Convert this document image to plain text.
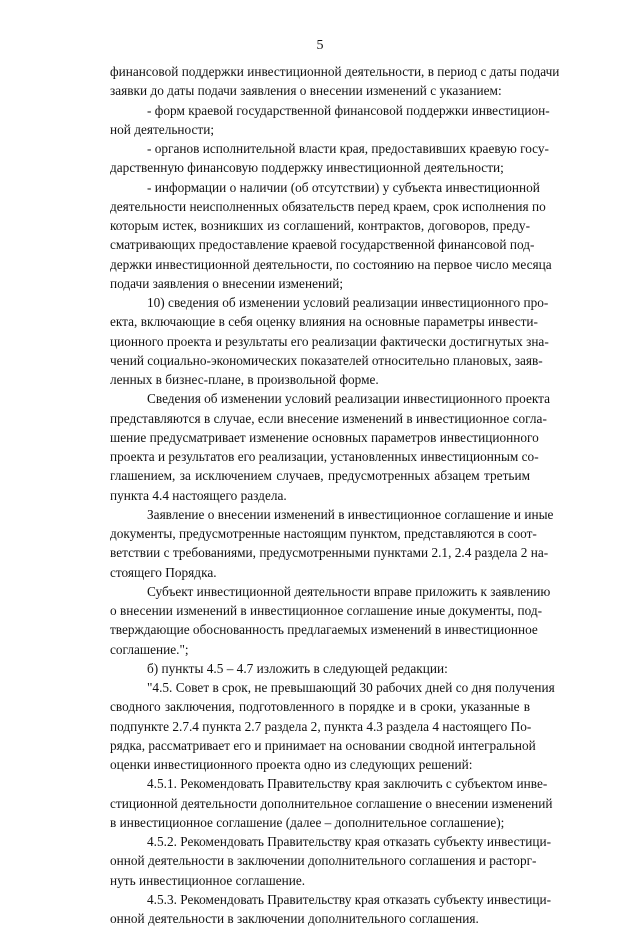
5
финансовой поддержки инвестиционной деятельности, в период с даты подачи
заявки до даты подачи заявления о внесении изменений с указанием:
- форм краевой государственной финансовой поддержки инвестицион-
ной деятельности;
- органов исполнительной власти края, предоставивших краевую госу-
дарственную финансовую поддержку инвестиционной деятельности;
- информации о наличии (об отсутствии) у субъекта инвестиционной
деятельности неисполненных обязательств перед краем, срок исполнения по
которым истек, возникших из соглашений, контрактов, договоров, преду-
сматривающих предоставление краевой государственной финансовой под-
держки инвестиционной деятельности, по состоянию на первое число месяца
подачи заявления о внесении изменений;
10) сведения об изменении условий реализации инвестиционного про-
екта, включающие в себя оценку влияния на основные параметры инвести-
ционного проекта и результаты его реализации фактически достигнутых зна-
чений социально-экономических показателей относительно плановых, заяв-
ленных в бизнес-плане, в произвольной форме.
Сведения об изменении условий реализации инвестиционного проекта
представляются в случае, если внесение изменений в инвестиционное согла-
шение предусматривает изменение основных параметров инвестиционного
проекта и результатов его реализации, установленных инвестиционным со-
глашением, за исключением случаев, предусмотренных абзацем третьим
пункта 4.4 настоящего раздела.
Заявление о внесении изменений в инвестиционное соглашение и иные
документы, предусмотренные настоящим пунктом, представляются в соот-
ветствии с требованиями, предусмотренными пунктами 2.1, 2.4 раздела 2 на-
стоящего Порядка.
Субъект инвестиционной деятельности вправе приложить к заявлению
о внесении изменений в инвестиционное соглашение иные документы, под-
тверждающие обоснованность предлагаемых изменений в инвестиционное
соглашение.";
б) пункты 4.5 – 4.7 изложить в следующей редакции:
"4.5. Совет в срок, не превышающий 30 рабочих дней со дня получения
сводного заключения, подготовленного в порядке и в сроки, указанные в
подпункте 2.7.4 пункта 2.7 раздела 2, пункта 4.3 раздела 4 настоящего По-
рядка, рассматривает его и принимает на основании сводной интегральной
оценки инвестиционного проекта одно из следующих решений:
4.5.1. Рекомендовать Правительству края заключить с субъектом инве-
стиционной деятельности дополнительное соглашение о внесении изменений
в инвестиционное соглашение (далее – дополнительное соглашение);
4.5.2. Рекомендовать Правительству края отказать субъекту инвестици-
онной деятельности в заключении дополнительного соглашения и расторг-
нуть инвестиционное соглашение.
4.5.3. Рекомендовать Правительству края отказать субъекту инвестици-
онной деятельности в заключении дополнительного соглашения.
